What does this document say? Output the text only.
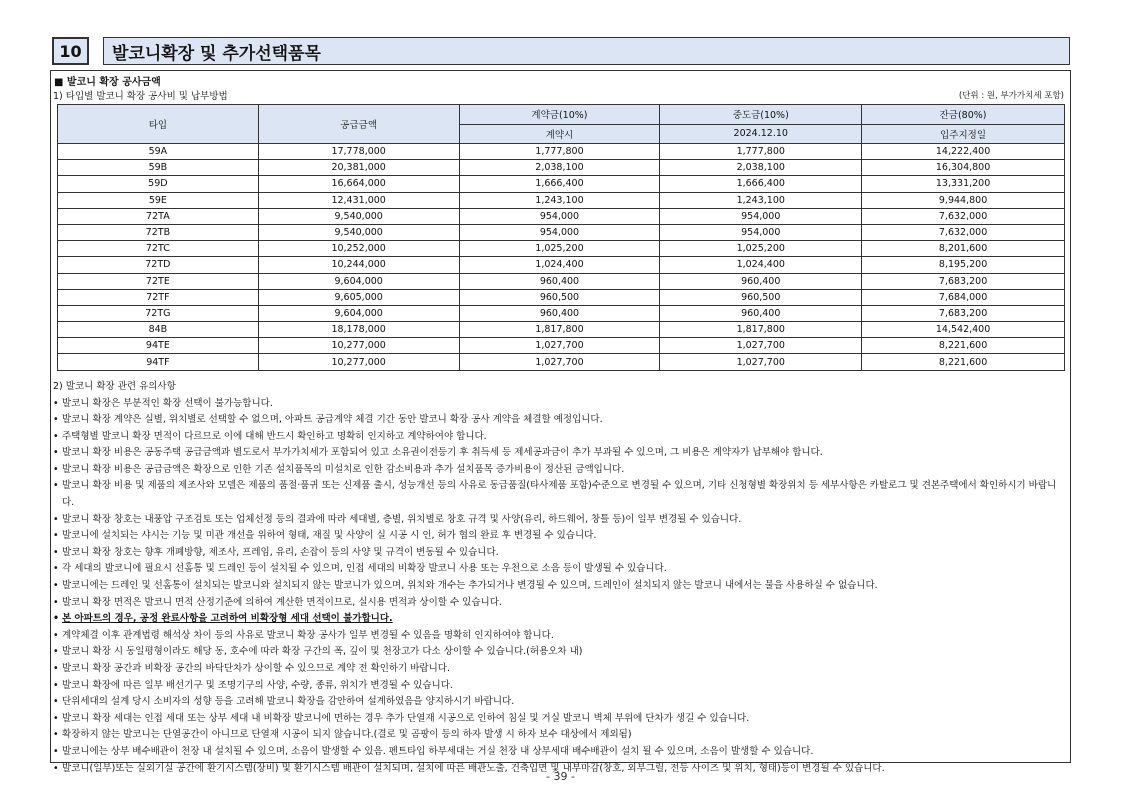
10	발코니확장 및 추가선택품목
■ 발코니 확장 공사금액
1) 타입별 발코니 확장 공사비 및 납부방법	(단위 : 원, 부가가치세 포함)
타입	공급금액	계약금(10%)	중도금(10%)	잔금(80%)
		계약시	2024.12.10	입주지정일
59A	17,778,000	1,777,800	1,777,800	14,222,400
59B	20,381,000	2,038,100	2,038,100	16,304,800
59D	16,664,000	1,666,400	1,666,400	13,331,200
59E	12,431,000	1,243,100	1,243,100	9,944,800
72TA	9,540,000	954,000	954,000	7,632,000
72TB	9,540,000	954,000	954,000	7,632,000
72TC	10,252,000	1,025,200	1,025,200	8,201,600
72TD	10,244,000	1,024,400	1,024,400	8,195,200
72TE	9,604,000	960,400	960,400	7,683,200
72TF	9,605,000	960,500	960,500	7,684,000
72TG	9,604,000	960,400	960,400	7,683,200
84B	18,178,000	1,817,800	1,817,800	14,542,400
94TE	10,277,000	1,027,700	1,027,700	8,221,600
94TF	10,277,000	1,027,700	1,027,700	8,221,600
2) 발코니 확장 관련 유의사항
• 발코니 확장은 부분적인 확장 선택이 불가능합니다.
• 발코니 확장 계약은 실별, 위치별로 선택할 수 없으며, 아파트 공급계약 체결 기간 동안 발코니 확장 공사 계약을 체결할 예정입니다.
• 주택형별 발코니 확장 면적이 다르므로 이에 대해 반드시 확인하고 명확히 인지하고 계약하여야 합니다.
• 발코니 확장 비용은 공동주택 공급금액과 별도로서 부가가치세가 포함되어 있고 소유권이전등기 후 취득세 등 제세공과금이 추가 부과될 수 있으며, 그 비용은 계약자가 납부해야 합니다.
• 발코니 확장 비용은 공급금액은 확장으로 인한 기존 설치품목의 미설치로 인한 감소비용과 추가 설치품목 증가비용이 정산된 금액입니다.
• 발코니 확장 비용 및 제품의 제조사와 모델은 제품의 품절·품귀 또는 신제품 출시, 성능개선 등의 사유로 동급품질(타사제품 포함)수준으로 변경될 수 있으며, 기타 신청형별 확장위치 등 세부사항은 카탈로그 및 견본주택에서 확인하시기 바랍니다.
• 발코니 확장 창호는 내풍압 구조검토 또는 업체선정 등의 결과에 따라 세대별, 층별, 위치별로 창호 규격 및 사양(유리, 하드웨어, 창틀 등)이 일부 변경될 수 있습니다.
• 발코니에 설치되는 샤시는 기능 및 미관 개선을 위하여 형태, 재질 및 사양이 실 시공 시 인, 허가 협의 완료 후 변경될 수 있습니다.
• 발코니 확장 창호는 향후 개폐방향, 제조사, 프레임, 유리, 손잡이 등의 사양 및 규격이 변동될 수 있습니다.
• 각 세대의 발코니에 필요시 선홈통 및 드레인 등이 설치될 수 있으며, 인접 세대의 비확장 발코니 사용 또는 우천으로 소음 등이 발생될 수 있습니다.
• 발코니에는 드레인 및 선홈통이 설치되는 발코니와 설치되지 않는 발코니가 있으며, 위치와 개수는 추가되거나 변경될 수 있으며, 드레인이 설치되지 않는 발코니 내에서는 물을 사용하실 수 없습니다.
• 발코니 확장 면적은 발코니 면적 산정기준에 의하여 계산한 면적이므로, 실시용 면적과 상이할 수 있습니다.
• 본 아파트의 경우, 공정 완료사항을 고려하여 비확장형 세대 선택이 불가합니다.
• 계약체결 이후 관계법령 해석상 차이 등의 사유로 발코니 확장 공사가 일부 변경될 수 있음을 명확히 인지하여야 합니다.
• 발코니 확장 시 동일평형이라도 해당 동, 호수에 따라 확장 구간의 폭, 깊이 및 천장고가 다소 상이할 수 있습니다.(허용오차 내)
• 발코니 확장 공간과 비확장 공간의 바닥단차가 상이할 수 있으므로 계약 전 확인하기 바랍니다.
• 발코니 확장에 따른 일부 배선기구 및 조명기구의 사양, 수량, 종류, 위치가 변경될 수 있습니다.
• 단위세대의 설계 당시 소비자의 성향 등을 고려해 발코니 확장을 감안하여 설계하였음을 양지하시기 바랍니다.
• 발코니 확장 세대는 인접 세대 또는 상부 세대 내 비확장 발코니에 면하는 경우 추가 단열재 시공으로 인하여 침실 및 거실 발코니 벽체 부위에 단차가 생길 수 있습니다.
• 확장하지 않는 발코니는 단열공간이 아니므로 단열재 시공이 되지 않습니다.(결로 및 곰팡이 등의 하자 발생 시 하자 보수 대상에서 제외됨)
• 발코니에는 상부 배수배관이 천장 내 설치될 수 있으며, 소음이 발생할 수 있음. 펜트타입 하부세대는 거실 천장 내 상부세대 배수배관이 설치 될 수 있으며, 소음이 발생할 수 있습니다.
• 발코니(일부)또는 실외기실 공간에 환기시스템(장비) 및 환기시스템 배관이 설치되며, 설치에 따른 배관노출, 건축입면 및 내부마감(창호, 외부그릴, 전등 사이즈 및 위치, 형태)등이 변경될 수 있습니다.
- 39 -
